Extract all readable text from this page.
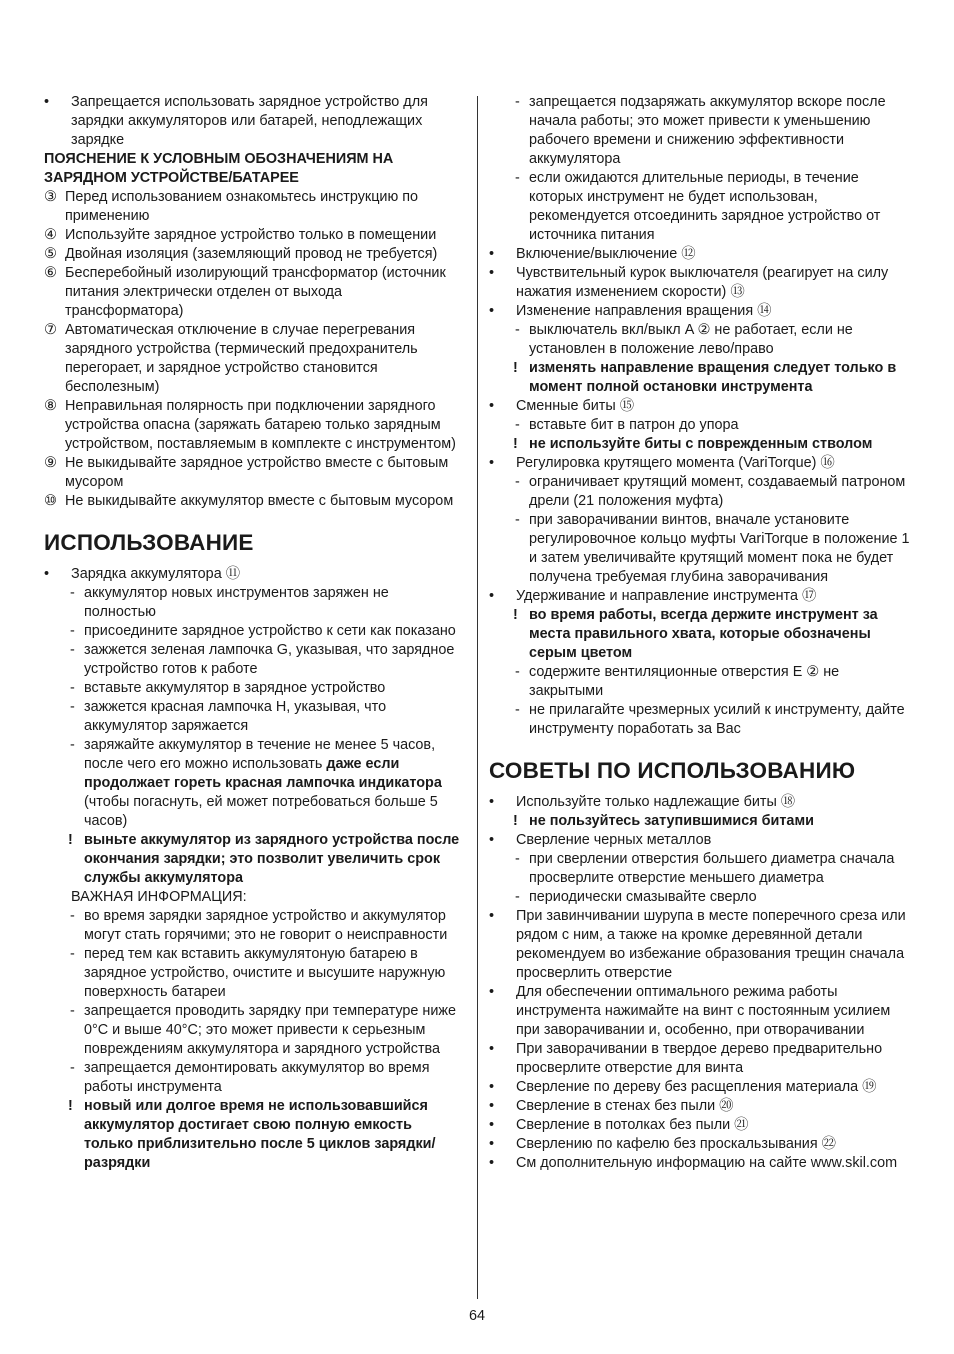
• Запрещается использовать зарядное устройство для зарядки аккумуляторов или батарей, неподлежащих зарядке

ПОЯСНЕНИЕ К УСЛОВНЫМ ОБОЗНАЧЕНИЯМ НА ЗАРЯДНОМ УСТРОЙСТВЕ/БАТАРЕЕ

③ Перед использованием ознакомьтесь инструкцию по применению

④ Используйте зарядное устройство только в помещении

⑤ Двойная изоляция (заземляющий провод не требуется)

⑥ Бесперебойный изолирующий трансформатор (источник питания электрически отделен от выхода трансформатора)

⑦ Автоматическая отключение в случае перегревания зарядного устройства (термический предохранитель перегорает, и зарядное устройство становится бесполезным)

⑧ Неправильная полярность при подключении зарядного устройства опасна (заряжать батарею только зарядным устройством, поставляемым в комплекте с инструментом)

⑨ Не выкидывайте зарядное устройство вместе с бытовым мусором

⑩ Не выкидывайте аккумулятор вместе с бытовым мусором

ИСПОЛЬЗОВАНИЕ

• Зарядка аккумулятора ⑪

- аккумулятор новых инструментов заряжен не полностью

- присоедините зарядное устройство к сети как показано

- зажжется зеленая лампочка G, указывая, что зарядное устройство готов к работе

- вставьте аккумулятор в зарядное устройство

- зажжется красная лампочка H, указывая, что аккумулятор заряжается

- заряжайте аккумулятор в течение не менее 5 часов, после чего его можно использовать даже если продолжает гореть красная лампочка индикатора (чтобы погаснуть, ей может потребоваться больше 5 часов)

! выньте аккумулятор из зарядного устройства после окончания зарядки; это позволит увеличить срок службы аккумулятора

ВАЖНАЯ ИНФОРМАЦИЯ:

- во время зарядки зарядное устройство и аккумулятор могут стать горячими; это не говорит о неисправности

- перед тем как вставить аккумулятоную батарею в зарядное устройство, очистите и высушите наружную поверхность батареи

- запрещается проводить зарядку при температуре ниже 0°C и выше 40°C; это может привести к серьезным повреждениям аккумулятора и зарядного устройства

- запрещается демонтировать аккумулятор во время работы инструмента

! новый или долгое время не использовавшийся аккумулятор достигает свою полную емкость только приблизительно после 5 циклов зарядки/разрядки

- запрещается подзаряжать аккумулятор вскоре после начала работы; это может привести к уменьшению рабочего времени и снижению эффективности аккумулятора

- если ожидаются длительные периоды, в течение которых инструмент не будет использован, рекомендуется отсоединить зарядное устройство от источника питания

• Включение/выключение ⑫

• Чувствительный курок выключателя (реагирует на силу нажатия изменением скорости) ⑬

• Изменение направления вращения ⑭

- выключатель вкл/выкл A ② не работает, если не установлен в положение лево/право

! изменять направление вращения следует только в момент полной остановки инструмента

• Сменные биты ⑮

- вставьте бит в патрон до упора

! не используйте биты с поврежденным стволом

• Регулировка крутящего момента (VariTorque) ⑯

- ограничивает крутящий момент, создаваемый патроном дрели (21 положения муфта)

- при заворачивании винтов, вначале установите регулировочное кольцо муфты VariTorque в положение 1 и затем увеличивайте крутящий момент пока не будет получена требуемая глубина заворачивания

• Удерживание и направление инструмента ⑰

! во время работы, всегда держите инструмент за места правильного хвата, которые обозначены серым цветом

- содержите вентиляционные отверстия E ② не закрытыми

- не прилагайте чрезмерных усилий к инструменту, дайте инструменту поработать за Вас

СОВЕТЫ ПО ИСПОЛЬЗОВАНИЮ

• Используйте только надлежащие биты ⑱

! не пользуйтесь затупившимися битами

• Сверление черных металлов

- при сверлении отверстия большего диаметра сначала просверлите отверстие меньшего диаметра

- периодически смазывайте сверло

• При завинчивании шурупа в месте поперечного среза или рядом с ним, а также на кромке деревянной детали рекомендуем во избежание образования трещин сначала просверлить отверстие

• Для обеспечении оптимального режима работы инструмента нажимайте на винт с постоянным усилием при заворачивании и, особенно, при отворачивании

• При заворачивании в твердое дерево предварительно просверлите отверстие для винта

• Сверление по дереву без расщепления материала ⑲

• Сверление в стенах без пыли ⑳

• Сверление в потолках без пыли ㉑

• Сверлению по кафелю без проскальзывания ㉒

• См дополнительную информацию на сайте www.skil.com

64
